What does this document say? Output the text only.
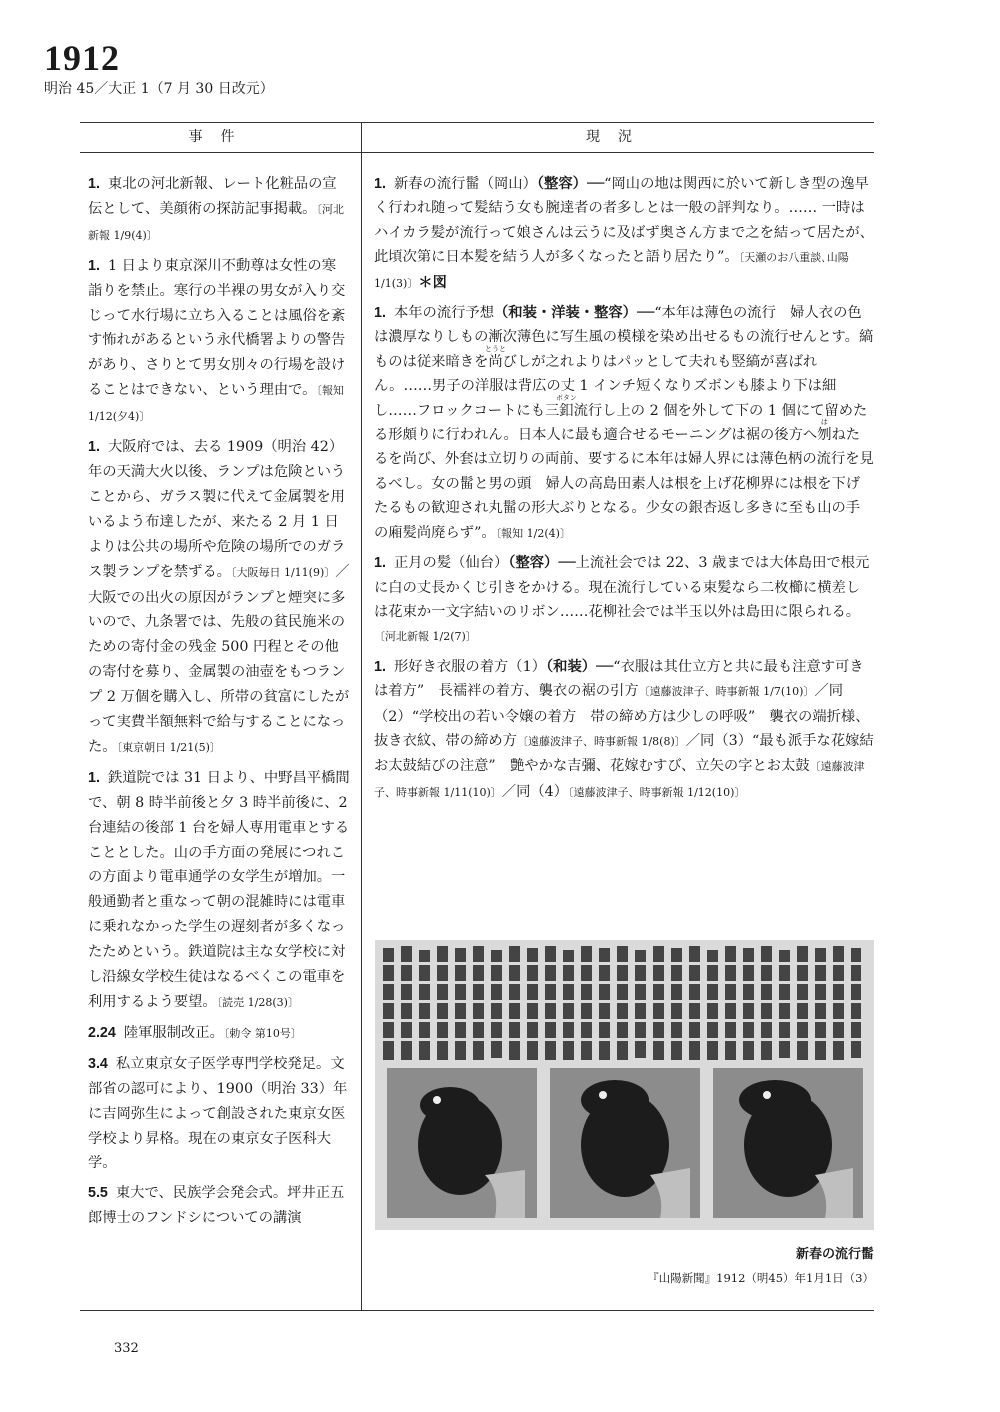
1912
明治 45／大正 1（7 月 30 日改元）
事件	現況

1. 東北の河北新報、レート化粧品の宣伝として、美顔術の探訪記事掲載。〔河北新報 1/9(4)〕

1. 1 日より東京深川不動尊は女性の寒詣りを禁止。寒行の半裸の男女が入り交じって水行場に立ち入ることは風俗を紊す怖れがあるという永代橋署よりの警告があり、さりとて男女別々の行場を設けることはできない、という理由で。〔報知 1/12(夕4)〕

1. 大阪府では、去る 1909（明治 42）年の天満大火以後、ランプは危険ということから、ガラス製に代えて金属製を用いるよう布達したが、来たる 2 月 1 日よりは公共の場所や危険の場所でのガラス製ランプを禁ずる。〔大阪毎日 1/11(9)〕／大阪での出火の原因がランプと煙突に多いので、九条署では、先般の貧民施米のための寄付金の残金 500 円程とその他の寄付を募り、金属製の油壺をもつランプ 2 万個を購入し、所帯の貧富にしたがって実費半額無料で給与することになった。〔東京朝日 1/21(5)〕

1. 鉄道院では 31 日より、中野昌平橋間で、朝 8 時半前後と夕 3 時半前後に、2 台連結の後部 1 台を婦人専用電車とすることとした。山の手方面の発展につれこの方面より電車通学の女学生が増加。一般通勤者と重なって朝の混雑時には電車に乗れなかった学生の遅刻者が多くなったためという。鉄道院は主な女学校に対し沿線女学校生徒はなるべくこの電車を利用するよう要望。〔読売 1/28(3)〕

2.24 陸軍服制改正。〔勅令 第10号〕

3.4 私立東京女子医学専門学校発足。文部省の認可により、1900（明治 33）年に吉岡弥生によって創設された東京女医学校より昇格。現在の東京女子医科大学。

5.5 東大で、民族学会発会式。坪井正五郎博士のフンドシについての講演

1. 新春の流行髷（岡山）（整容）──“岡山の地は関西に於いて新しき型の逸早く行われ随って髪結う女も腕達者の者多しとは一般の評判なり。…… 一時はハイカラ髪が流行って娘さんは云うに及ばず奥さん方まで之を結って居たが、此頃次第に日本髪を結う人が多くなったと語り居たり”。〔天瀬のお八重談､山陽 1/1(3)〕＊図

1. 本年の流行予想（和装・洋装・整容）──“本年は薄色の流行　婦人衣の色は濃厚なりしもの漸次薄色に写生風の模様を染め出せるもの流行せんとす。縞ものは従来暗きを尚
とうと
びしが之れよりはパッとして夫れも竪縞が喜ばれん。……男子の洋服は背広の丈 1 インチ短くなりズボンも膝より下は細し……フロックコートにも三釦
ボタン
流行し上の 2 個を外して下の 1 個にて留めたる形頗りに行われん。日本人に最も適合せるモーニングは裾の後方へ刎
は
ねたるを尚び、外套は立切りの両前、要するに本年は婦人界には薄色柄の流行を見るべし。女の髷と男の頭　婦人の高島田素人は根を上げ花柳界には根を下げたるもの歓迎され丸髷の形大ぶりとなる。少女の銀杏返し多きに至も山の手の廂髪尚廃らず”。〔報知 1/2(4)〕

1. 正月の髪（仙台）（整容）──上流社会では 22、3 歳までは大体島田で根元に白の丈長かくじ引きをかける。現在流行している束髪なら二枚櫛に横差しは花束か一文字結いのリボン……花柳社会では半玉以外は島田に限られる。〔河北新報 1/2(7)〕

1. 形好き衣服の着方（1）（和装）──“衣服は其仕立方と共に最も注意す可きは着方”　長襦袢の着方、襲衣の裾の引方〔遠藤波津子、時事新報 1/7(10)〕／同（2）“学校出の若い令嬢の着方　帯の締め方は少しの呼吸”　襲衣の端折様、抜き衣紋、帯の締め方〔遠藤波津子、時事新報 1/8(8)〕／同（3）“最も派手な花嫁結　お太鼓結びの注意”　艶やかな吉彌、花嫁むすび、立矢の字とお太鼓〔遠藤波津子、時事新報 1/11(10)〕／同（4）〔遠藤波津子、時事新報 1/12(10)〕

新春の流行髷
『山陽新聞』1912（明45）年1月1日（3）
332
